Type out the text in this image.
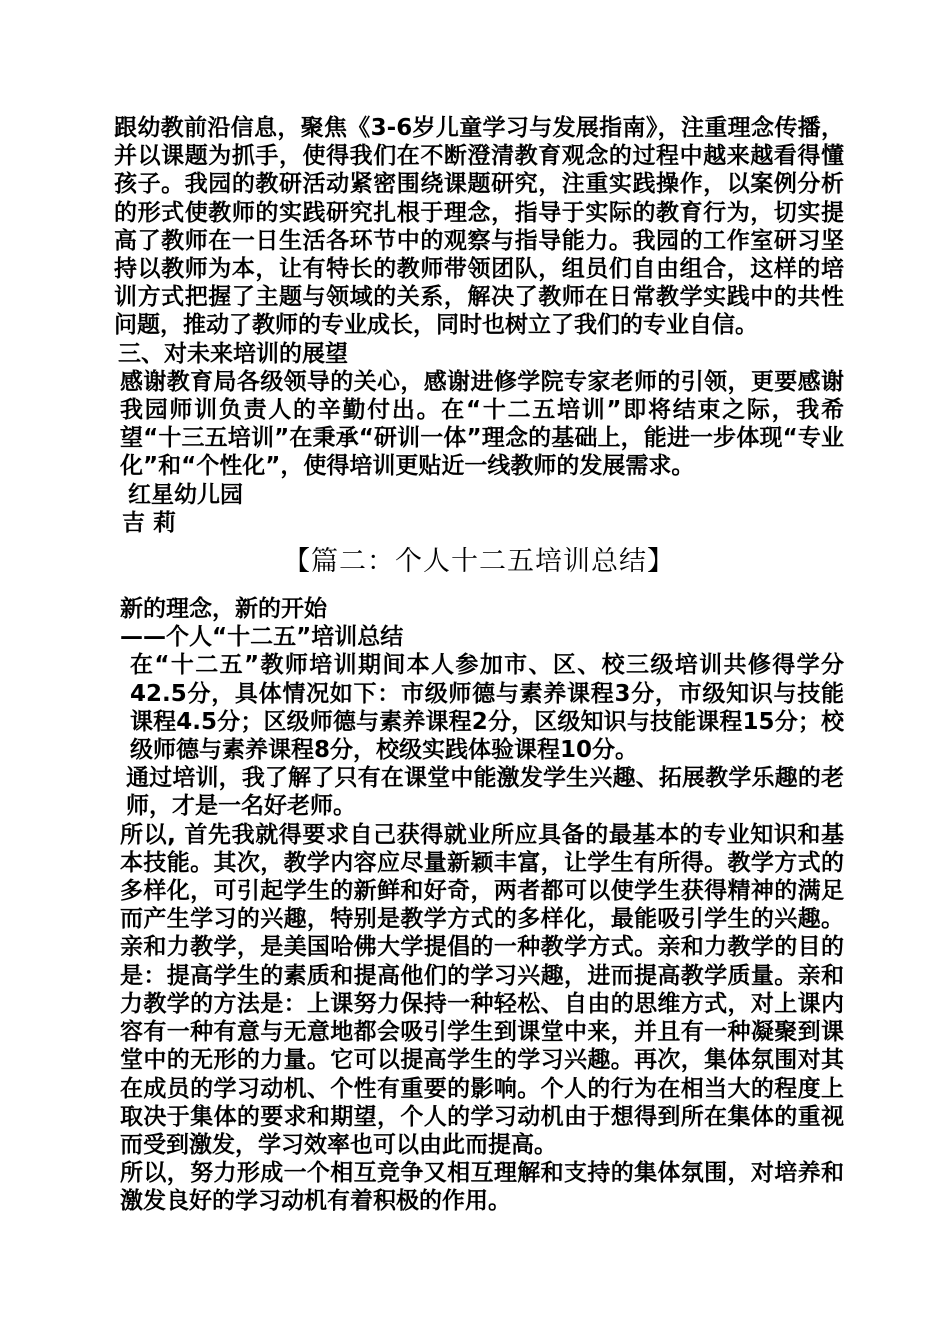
跟幼教前沿信息，聚焦《3-6岁儿童学习与发展指南》，注重理念传播，并以课题为抓手，使得我们在不断澄清教育观念的过程中越来越看得懂孩子。我园的教研活动紧密围绕课题研究，注重实践操作，以案例分析的形式使教师的实践研究扎根于理念，指导于实际的教育行为，切实提高了教师在一日生活各环节中的观察与指导能力。我园的工作室研习坚持以教师为本，让有特长的教师带领团队，组员们自由组合，这样的培训方式把握了主题与领域的关系，解决了教师在日常教学实践中的共性问题，推动了教师的专业成长，同时也树立了我们的专业自信。

三、对未来培训的展望

感谢教育局各级领导的关心，感谢进修学院专家老师的引领，更要感谢我园师训负责人的辛勤付出。在“十二五培训”即将结束之际，我希望“十三五培训”在秉承“研训一体”理念的基础上，能进一步体现“专业化”和“个性化”，使得培训更贴近一线教师的发展需求。

红星幼儿园

吉 莉

【篇二：个人十二五培训总结】

新的理念，新的开始

——个人“十二五”培训总结

在“十二五”教师培训期间本人参加市、区、校三级培训共修得学分42.5分，具体情况如下：市级师德与素养课程3分，市级知识与技能课程4.5分；区级师德与素养课程2分，区级知识与技能课程15分；校级师德与素养课程8分，校级实践体验课程10分。

通过培训，我了解了只有在课堂中能激发学生兴趣、拓展教学乐趣的老师，才是一名好老师。

所以, 首先我就得要求自己获得就业所应具备的最基本的专业知识和基本技能。其次，教学内容应尽量新颖丰富，让学生有所得。教学方式的多样化，可引起学生的新鲜和好奇，两者都可以使学生获得精神的满足而产生学习的兴趣，特别是教学方式的多样化，最能吸引学生的兴趣。亲和力教学，是美国哈佛大学提倡的一种教学方式。亲和力教学的目的是：提高学生的素质和提高他们的学习兴趣，进而提高教学质量。亲和力教学的方法是：上课努力保持一种轻松、自由的思维方式，对上课内容有一种有意与无意地都会吸引学生到课堂中来，并且有一种凝聚到课堂中的无形的力量。它可以提高学生的学习兴趣。再次，集体氛围对其在成员的学习动机、个性有重要的影响。个人的行为在相当大的程度上取决于集体的要求和期望，个人的学习动机由于想得到所在集体的重视而受到激发，学习效率也可以由此而提高。

所以，努力形成一个相互竞争又相互理解和支持的集体氛围，对培养和激发良好的学习动机有着积极的作用。
